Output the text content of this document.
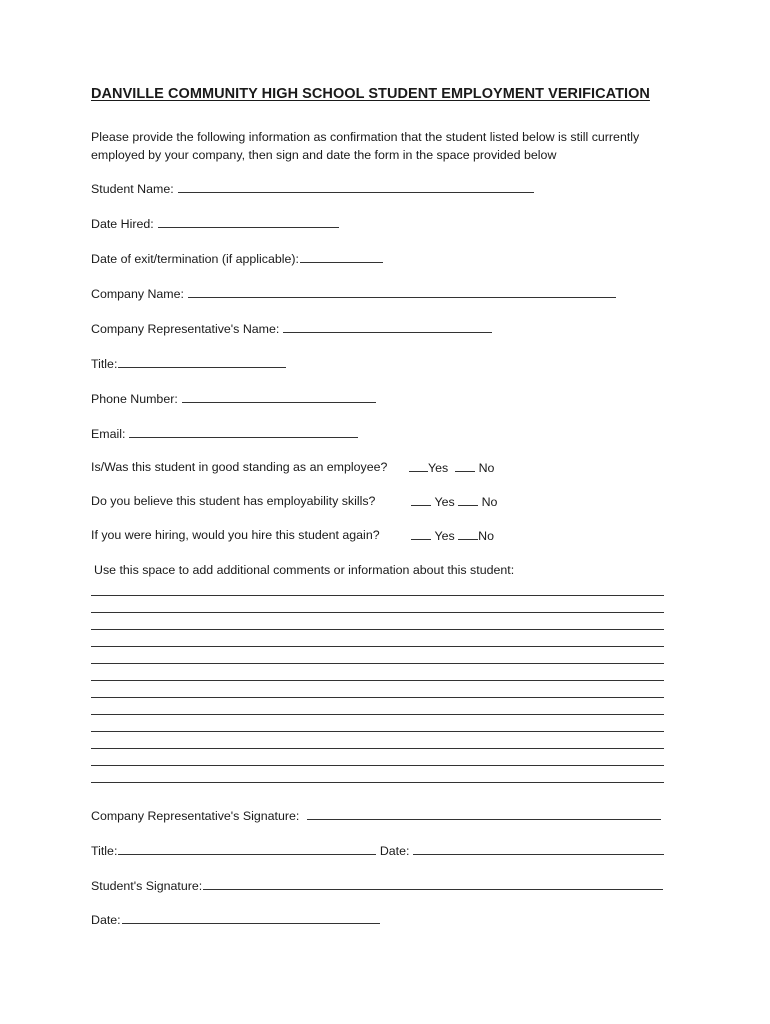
DANVILLE COMMUNITY HIGH SCHOOL STUDENT EMPLOYMENT VERIFICATION
Please provide the following information as confirmation that the student listed below is still currently employed by your company, then sign and date the form in the space provided below
Student Name:
Date Hired:
Date of exit/termination (if applicable):
Company Name:
Company Representative's Name:
Title:
Phone Number:
Email:
Is/Was this student in good standing as an employee?	Yes No
Do you believe this student has employability skills?	Yes No
If you were hiring, would you hire this student again?	Yes No
Use this space to add additional comments or information about this student:
Company Representative's Signature:
Title:	Date:
Student's Signature:
Date:
